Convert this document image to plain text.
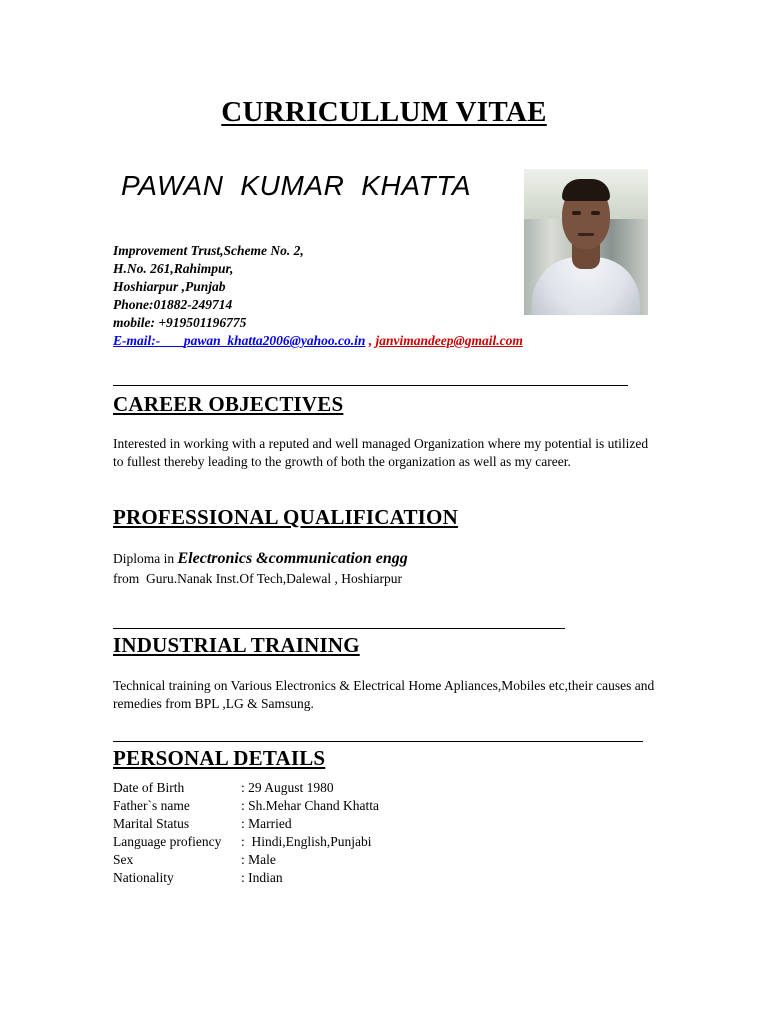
CURRICULLUM VITAE
PAWAN  KUMAR  KHATTA
Improvement Trust,Scheme No. 2,
H.No. 261,Rahimpur,
Hoshiarpur ,Punjab
Phone:01882-249714
mobile: +919501196775
E-mail:-       pawan_khatta2006@yahoo.co.in , janvimandeep@gmail.com
CAREER OBJECTIVES
Interested in working with a reputed and well managed Organization where my potential is utilized to fullest thereby leading to the growth of both the organization as well as my career.
PROFESSIONAL QUALIFICATION
Diploma in Electronics &communication engg
from  Guru.Nanak Inst.Of Tech,Dalewal , Hoshiarpur
INDUSTRIAL TRAINING
Technical training on Various Electronics & Electrical Home Apliances,Mobiles etc,their causes and remedies from BPL ,LG & Samsung.
PERSONAL DETAILS
Date of Birth	: 29 August 1980
Father`s name	: Sh.Mehar Chand Khatta
Marital Status	: Married
Language profiency	:  Hindi,English,Punjabi
Sex	: Male
Nationality	: Indian
